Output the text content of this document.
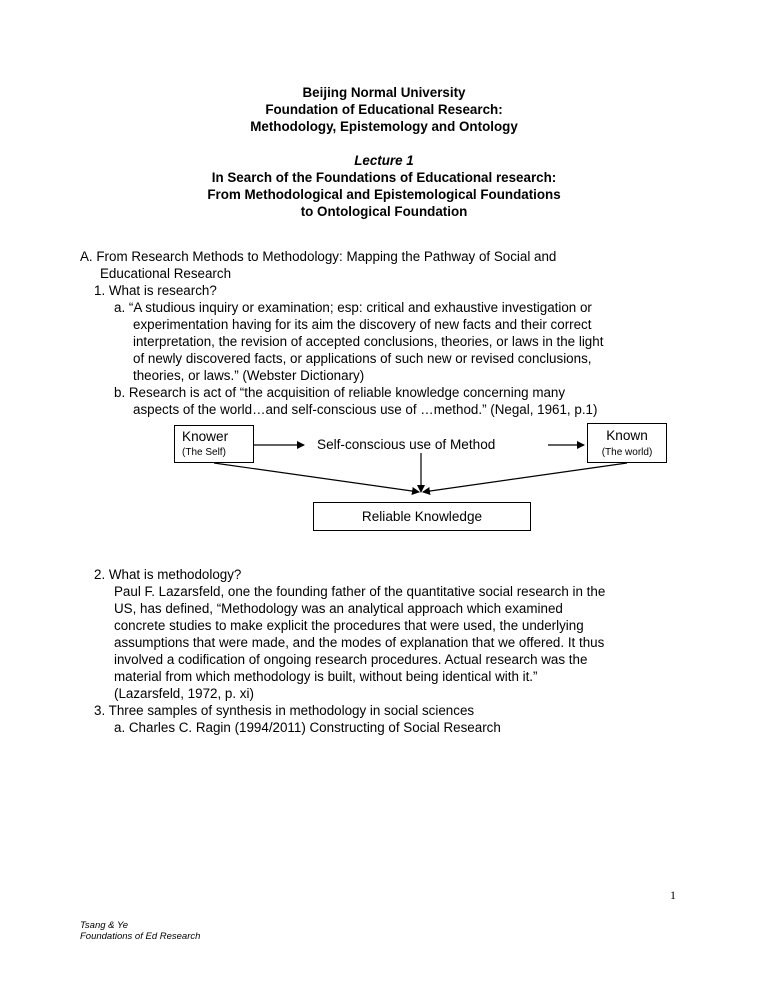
Beijing Normal University
Foundation of Educational Research:
Methodology, Epistemology and Ontology
Lecture 1
In Search of the Foundations of Educational research:
From Methodological and Epistemological Foundations
to Ontological Foundation
A. From Research Methods to Methodology: Mapping the Pathway of Social and
Educational Research
1. What is research?
a. “A studious inquiry or examination; esp: critical and exhaustive investigation or
experimentation having for its aim the discovery of new facts and their correct
interpretation, the revision of accepted conclusions, theories, or laws in the light
of newly discovered facts, or applications of such new or revised conclusions,
theories, or laws.” (Webster Dictionary)
b. Research is act of “the acquisition of reliable knowledge concerning many
aspects of the world…and self-conscious use of …method.” (Negal, 1961, p.1)
Knower
(The Self)
Self-conscious use of Method
Known
(The world)
Reliable Knowledge
2. What is methodology?
Paul F. Lazarsfeld, one the founding father of the quantitative social research in the
US, has defined, “Methodology was an analytical approach which examined
concrete studies to make explicit the procedures that were used, the underlying
assumptions that were made, and the modes of explanation that we offered. It thus
involved a codification of ongoing research procedures. Actual research was the
material from which methodology is built, without being identical with it.”
(Lazarsfeld, 1972, p. xi)
3. Three samples of synthesis in methodology in social sciences
a. Charles C. Ragin (1994/2011) Constructing of Social Research
1
Tsang & Ye
Foundations of Ed Research
